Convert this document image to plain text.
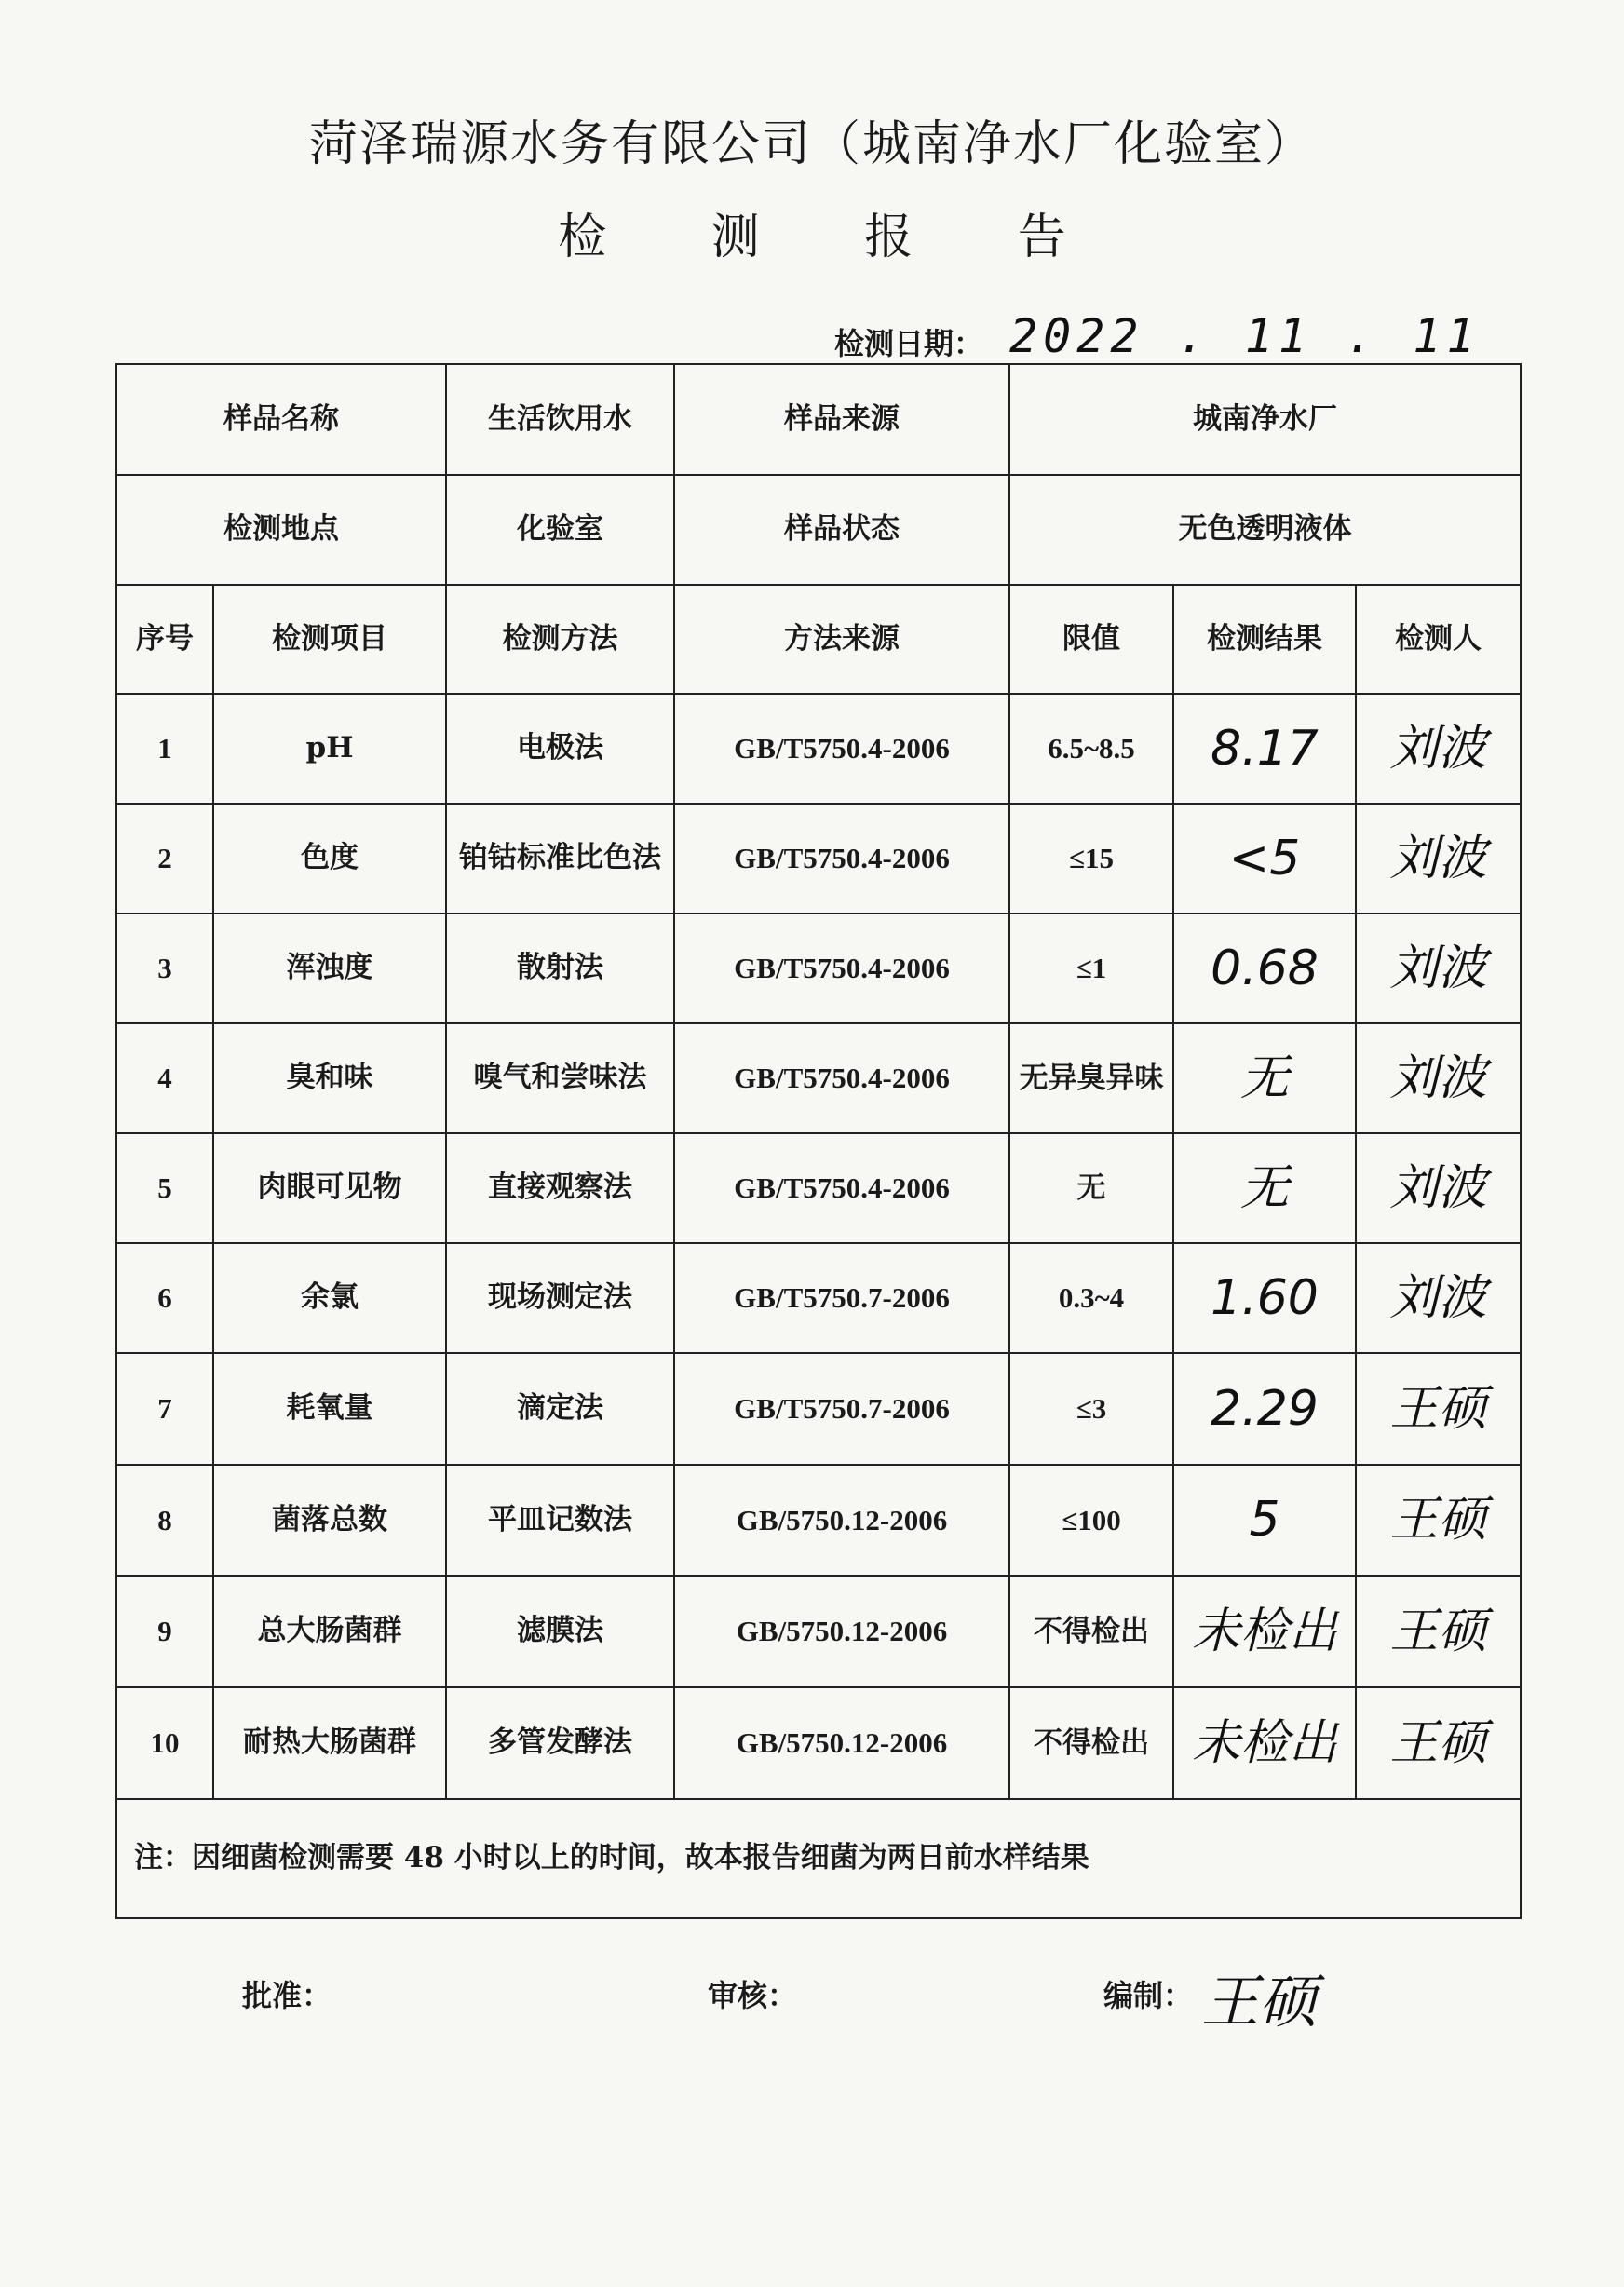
菏泽瑞源水务有限公司（城南净水厂化验室）
检 测 报 告
检测日期： 2022 . 11 . 11
样品名称		生活饮用水	样品来源	城南净水厂		
检测地点		化验室	样品状态	无色透明液体		
序号	检测项目	检测方法	方法来源	限值	检测结果	检测人
1	pH	电极法	GB/T5750.4-2006	6.5~8.5	8.17	刘波
2	色度	铂钴标准比色法	GB/T5750.4-2006	≤15	<5	刘波
3	浑浊度	散射法	GB/T5750.4-2006	≤1	0.68	刘波
4	臭和味	嗅气和尝味法	GB/T5750.4-2006	无异臭异味	无	刘波
5	肉眼可见物	直接观察法	GB/T5750.4-2006	无	无	刘波
6	余氯	现场测定法	GB/T5750.7-2006	0.3~4	1.60	刘波
7	耗氧量	滴定法	GB/T5750.7-2006	≤3	2.29	王硕
8	菌落总数	平皿记数法	GB/5750.12-2006	≤100	5	王硕
9	总大肠菌群	滤膜法	GB/5750.12-2006	不得检出	未检出	王硕
10	耐热大肠菌群	多管发酵法	GB/5750.12-2006	不得检出	未检出	王硕
注：因细菌检测需要 48 小时以上的时间，故本报告细菌为两日前水样结果						
批准：	审核：	编制： 王硕
